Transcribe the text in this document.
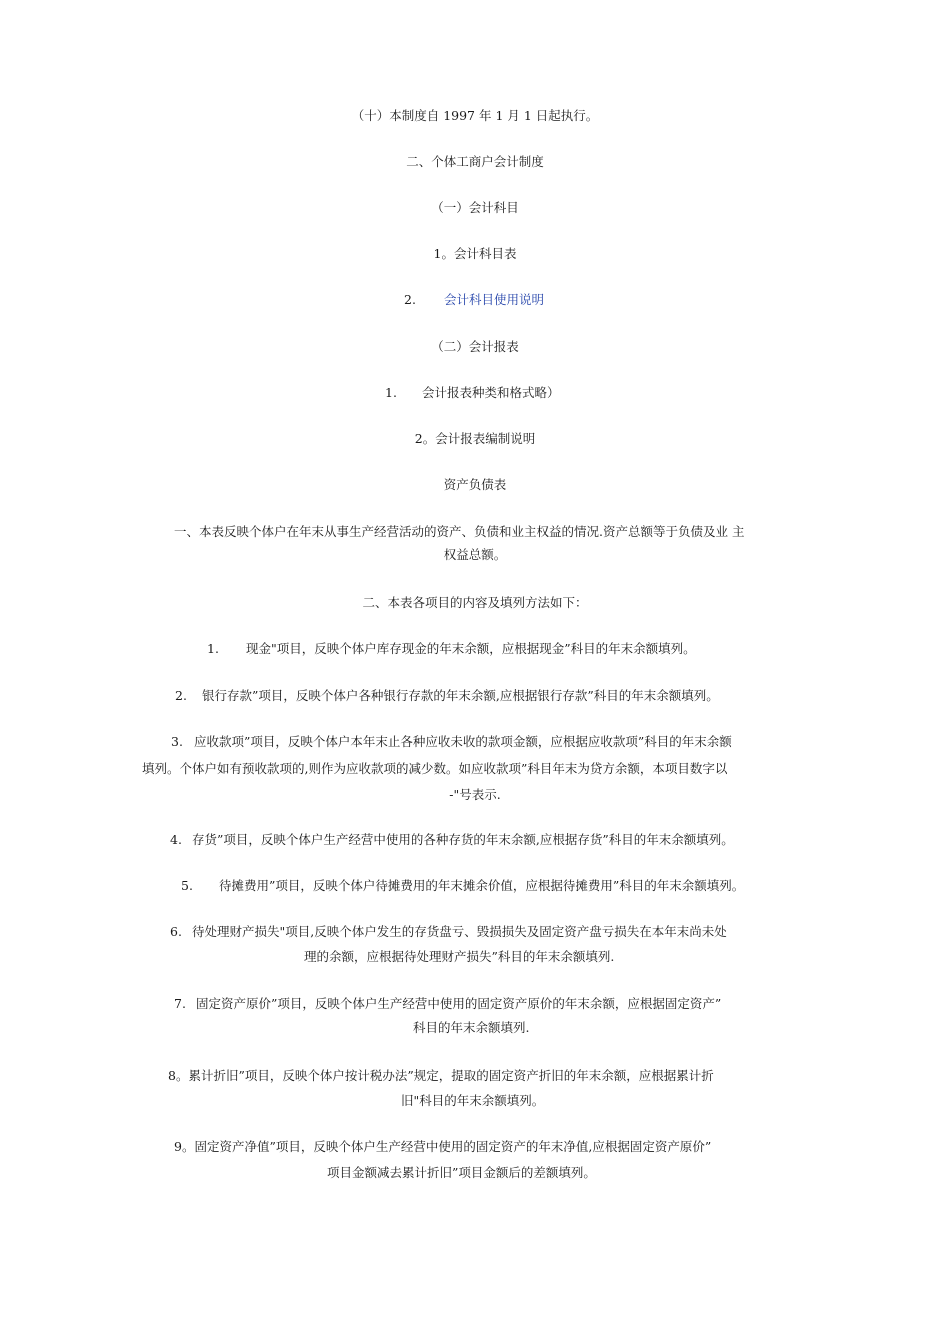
（十）本制度自 1997 年 1 月 1 日起执行。
二、个体工商户会计制度
（一）会计科目
1。会计科目表
2. 会计科目使用说明
（二）会计报表
1. 会计报表种类和格式略）
2。会计报表编制说明
资产负债表
一、本表反映个体户在年末从事生产经营活动的资产、负债和业主权益的情况.资产总额等于负债及业 主
权益总额。
二、本表各项目的内容及填列方法如下：
1. 现金"项目，反映个体户库存现金的年末余额，应根据现金”科目的年末余额填列。
2. 银行存款”项目，反映个体户各种银行存款的年末余额,应根据银行存款”科目的年末余额填列。
3. 应收款项”项目，反映个体户本年末止各种应收未收的款项金额，应根据应收款项”科目的年末余额
填列。个体户如有预收款项的,则作为应收款项的减少数。如应收款项”科目年末为贷方余额，本项目数字以
-"号表示.
4. 存货”项目，反映个体户生产经营中使用的各种存货的年末余额,应根据存货”科目的年末余额填列。
5. 待摊费用”项目，反映个体户待摊费用的年末摊余价值，应根据待摊费用”科目的年末余额填列。
6. 待处理财产损失"项目,反映个体户发生的存货盘亏、毁损损失及固定资产盘亏损失在本年末尚未处
理的余额，应根据待处理财产损失”科目的年末余额填列.
7. 固定资产原价”项目，反映个体户生产经营中使用的固定资产原价的年末余额，应根据固定资产”
科目的年末余额填列.
8。累计折旧”项目，反映个体户按计税办法”规定，提取的固定资产折旧的年末余额，应根据累计折
旧"科目的年末余额填列。
9。固定资产净值”项目，反映个体户生产经营中使用的固定资产的年末净值,应根据固定资产原价”
项目金额减去累计折旧”项目金额后的差额填列。
